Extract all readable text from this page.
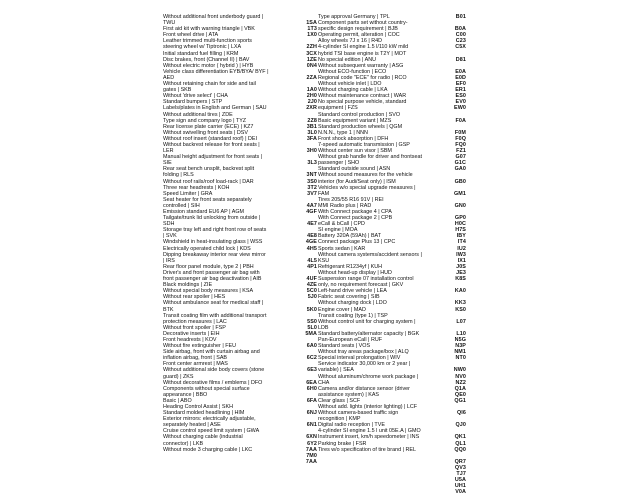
Without additional front underbody guard |
TWU
First aid kit with warning triangle | VBK
Front wheel drive | ATA
Leather trimmed multi-function sports
steering wheel w/ Tiptronic | LXA
Initial standard fuel filling | KRM
Disc brakes, front (Channel II) | BAV
Without electric motor ( hybrid ) | HYB
Vehicle class differentiation EYB/BYA/ BYF |
AED
Without retaining chain for side and tail
gates | SKB
Without 'drive select' | CHA
Standard bumpers | STP
Labels/plates in English and German | SAU
Without additional tires | ZDE
Type sign and company logo | TYZ
Rear license plate carrier (ECE) | KZ7
Without swivelling front seats | DSV
Without roof insert (standard roof) | DEI
Without backrest release for front seats |
LER
Manual height adjustment for front seats |
SIE
Rear seat bench unsplit, backrest split
folding | RLS
Without roof rails/roof load-rack | DAR
Three rear headrests | KOH
Speed Limiter | GRA
Seat heater for front seats separately
controlled | SIH
Emission standard EU6 AP | AGM
Tailgate/trunk lid unlocking from outside |
SDH
Storage tray left and right front row of seats
| SVK
Windshield in heat-insulating glass | WSS
Electrically operated child lock | KDS
Dipping breakaway interior rear view mirror
| IRS
Rear floor panel module, type 2 | PBH
Driver's and front passenger air bag with
front passenger air bag deactivation | AIB
Black moldings | ZIE
Without special body measures | KSA
Without rear spoiler | HES
Without ambulance seat for medical staff |
BTK
Transit coating film with additional transport
protection measures | LAC
Without front spoiler | FSP
Decorative inserts | EIH
Front headrests | KOV
Without fire extinguisher | FEU
Side airbag, front with curtain airbag and
inflation airbag, front | SAB
Front center armrest | MAS
Without additional side body covers (stone
guard) | ZKS
Without decorative films / emblems | DFO
Components without special surface
appearance | BBO
Basic | ABO
Heading Control Assist | SKH
Standard molded headlining | HIM
Exterior mirrors: electrically adjustable,
separately heated | ASE
Cruise control speed limit system | GWA
Without charging cable (industrial
connector) | LKB
Without mode 3 charging cable | LKC

1SA
1T3
1X0

2ZH
3CX
1ZE
0N4

2ZA

1A0
2H0
2J0
2XR

2Z8
3B1
3L0
3FA

3H0

3L3

3NT
3S0
3T2
3V7

4A7
4GF

4E7

4E8
4GE
4H5

4L5
4P1

4UF
4ZE
5C0
5J0

5K0

5S0
5L0
5MA

6A0

6C2

6E3

6EA
6H0

6FA

6NJ

6N1

6XN
6Y2
7AA
7M0
7AA
Type approval Germany | TPL
Component parts set without country-
specific design requirement | BJB
Operating permit, alteration | COC
Alloy wheels 7J x 16 | R4D
4-cylinder SI engine 1.5 l/110 kW mild
hybrid TSI base engine is T2Y | MOT
No special edition | ANU
Without subsequent warranty | ASG
Without ECO-function | ECO
Regional code "ECE" for radio | RCO
Without vehicle inlet | LDO
Without charging cable | LKA
Without maintenance contract | WAR
No special purpose vehicle, standard
equipment | FZS
Standard control production | SVO
Basic equipment variant | MZS
Standard production wheels | QGM
N.N.N., type 1 | NNN
Front shock absorption | DFH
7-speed automatic transmission | GSP
Without center sun visor | SBM
Without grab handle for driver and frontseat
passenger | SHO
Standard outside sound | ASN
Without sound measures for the vehicle
interior (for Audi/Seat only) | ISM
Vehicles w/o special upgrade measures |
FAM
Tires 205/55 R16 91V | REI
MMI Radio plus | RAD
With Connect package 4 | CPA
With Connect package 2 | CPB
eCall & bCall | CPD
SI engine | MOA
Battery 320A (59Ah) | BAT
Connect package Plus 13 | CPC
Sports sedan | KAR
Without camera systems/accident sensors |
KSU
Refrigerant R1234yf | KUH
Without head-up display | HUD
Suspension range 07 installation control
only, no requirement forecast | GKV
Left-hand drive vehicle | LEA
Fabric seat covering | SIB
Without charging dock | LDO
Engine cover | MAD
Transit coating (type 1) | TSP
Without control unit for charging system |
LDB
Standard battery/alternator capacity | BGK
Pan-European eCall | RUF
Standard seats | VOS
Without tray areas package/box | ALQ
Special interval prolongation | WIV
Service indicator 30,000 km or 2 year |
variable) | SEA
Without aluminum/chrome work package |
CHA
Camera and/or distance sensor (driver
assistance system) | KAS
Clear glass | SCF
Without add. lights (interior lighting) | LCF
Without camera-based traffic sign
recognition | KMP
Digital radio reception | TVE
4-cylinder SI engine 1.5 l unit 05E.A | GMO
Instrument insert, km/h speedometer | INS
Parking brake | FSR
Tires w/o specification of tire brand | REL
B01

B0A
C00
C23
C5X

D81

E0A
E0D
EF0
ER1
ES0
EV0
EW0

F0A

F0M
F0Q
FQ0
FZ1
G07
G1C
GA0

GB0

GM1

GN0

GP0
H0C
H7S
IBY
IT4
IU2
IW3
IX1
J0S
JE3
K8S

KA0

KK3
KS0

L07

L10
N5G
N3P
NM1
NT0

NW0
NV0
NZ2
Q1A
QE0
QG1

QI6

QJ0

QK1
QL1
QQ0

QR7
QV3
TJ7
U5A
UH1
V0A
